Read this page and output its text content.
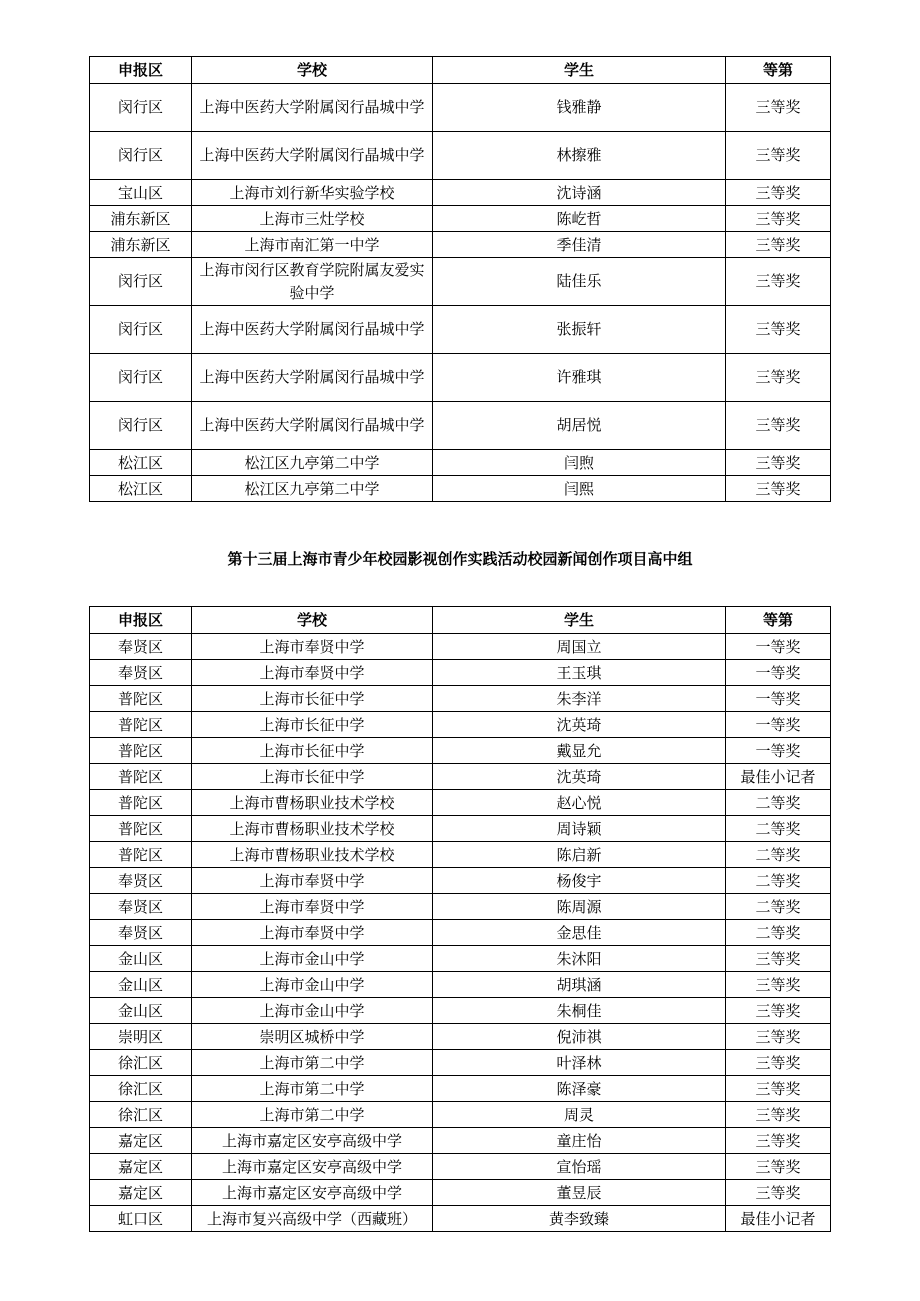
申报区	学校	学生	等第
闵行区	上海中医药大学附属闵行晶城中学	钱雅静	三等奖
闵行区	上海中医药大学附属闵行晶城中学	林擦雅	三等奖
宝山区	上海市刘行新华实验学校	沈诗涵	三等奖
浦东新区	上海市三灶学校	陈屹哲	三等奖
浦东新区	上海市南汇第一中学	季佳清	三等奖
闵行区	上海市闵行区教育学院附属友爱实验中学	陆佳乐	三等奖
闵行区	上海中医药大学附属闵行晶城中学	张振轩	三等奖
闵行区	上海中医药大学附属闵行晶城中学	许雅琪	三等奖
闵行区	上海中医药大学附属闵行晶城中学	胡居悦	三等奖
松江区	松江区九亭第二中学	闫煦	三等奖
松江区	松江区九亭第二中学	闫熙	三等奖
第十三届上海市青少年校园影视创作实践活动校园新闻创作项目高中组
申报区	学校	学生	等第
奉贤区	上海市奉贤中学	周国立	一等奖
奉贤区	上海市奉贤中学	王玉琪	一等奖
普陀区	上海市长征中学	朱李洋	一等奖
普陀区	上海市长征中学	沈英琦	一等奖
普陀区	上海市长征中学	戴显允	一等奖
普陀区	上海市长征中学	沈英琦	最佳小记者
普陀区	上海市曹杨职业技术学校	赵心悦	二等奖
普陀区	上海市曹杨职业技术学校	周诗颖	二等奖
普陀区	上海市曹杨职业技术学校	陈启新	二等奖
奉贤区	上海市奉贤中学	杨俊宇	二等奖
奉贤区	上海市奉贤中学	陈周源	二等奖
奉贤区	上海市奉贤中学	金思佳	二等奖
金山区	上海市金山中学	朱沐阳	三等奖
金山区	上海市金山中学	胡琪涵	三等奖
金山区	上海市金山中学	朱桐佳	三等奖
崇明区	崇明区城桥中学	倪沛祺	三等奖
徐汇区	上海市第二中学	叶泽林	三等奖
徐汇区	上海市第二中学	陈泽豪	三等奖
徐汇区	上海市第二中学	周灵	三等奖
嘉定区	上海市嘉定区安亭高级中学	童庄怡	三等奖
嘉定区	上海市嘉定区安亭高级中学	宣怡瑶	三等奖
嘉定区	上海市嘉定区安亭高级中学	董昱辰	三等奖
虹口区	上海市复兴高级中学（西藏班）	黄李致臻	最佳小记者
